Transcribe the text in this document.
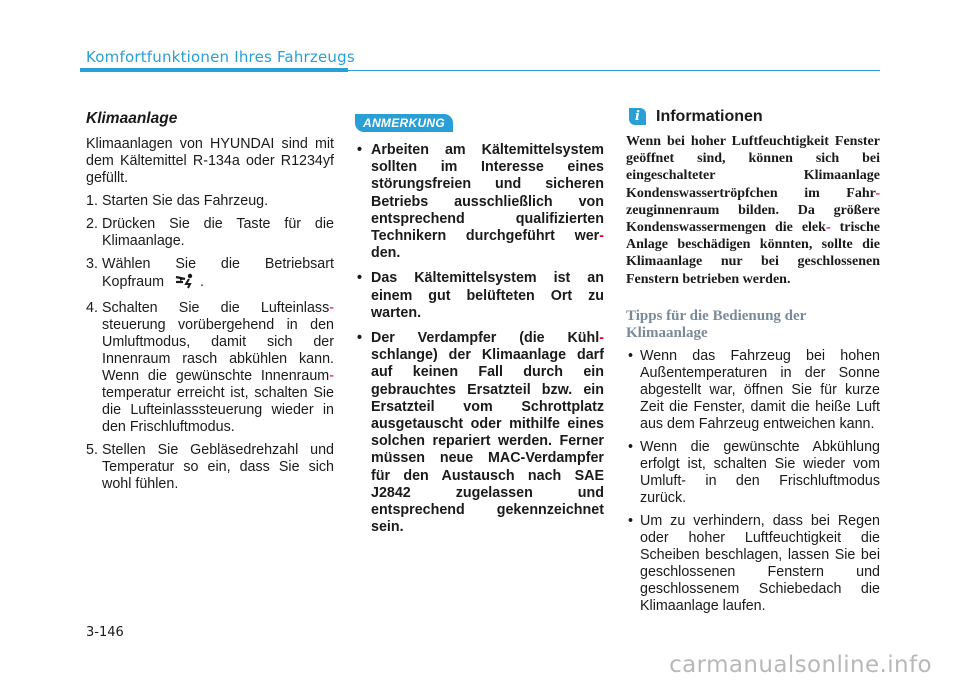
Komfortfunktionen Ihres Fahrzeugs
Klimaanlage

Klimaanlagen von HYUNDAI sind mit dem Kältemittel R-134a oder R1234yf gefüllt.

1. Starten Sie das Fahrzeug.
2. Drücken Sie die Taste für die Klimaanlage.
3. Wählen Sie die Betriebsart Kopfraum	.
4. Schalten Sie die Lufteinlass- steuerung vorübergehend in den Umluftmodus, damit sich der Innenraum rasch abkühlen kann. Wenn die gewünschte Innenraum- temperatur erreicht ist, schalten Sie die Lufteinlasssteuerung wieder in den Frischluftmodus.
5. Stellen Sie Gebläsedrehzahl und Temperatur so ein, dass Sie sich wohl fühlen.
ANMERKUNG
• Arbeiten am Kältemittelsystem sollten im Interesse eines störungsfreien und sicheren Betriebs ausschließlich von entsprechend qualifizierten Technikern durchgeführt wer- den.
• Das Kältemittelsystem ist an einem gut belüfteten Ort zu warten.
• Der Verdampfer (die Kühl- schlange) der Klimaanlage darf auf keinen Fall durch ein gebrauchtes Ersatzteil bzw. ein Ersatzteil vom Schrottplatz ausgetauscht oder mithilfe eines solchen repariert werden. Ferner müssen neue MAC-Verdampfer für den Austausch nach SAE J2842 zugelassen und entsprechend gekennzeichnet sein.
i	Informationen

Wenn bei hoher Luftfeuchtigkeit Fenster geöffnet sind, können sich bei eingeschalteter Klimaanlage Kondenswassertröpfchen im Fahr- zeuginnenraum bilden. Da größere Kondenswassermengen die elek- trische Anlage beschädigen könnten, sollte die Klimaanlage nur bei geschlossenen Fenstern betrieben werden.

Tipps für die Bedienung der Klimaanlage
• Wenn das Fahrzeug bei hohen Außentemperaturen in der Sonne abgestellt war, öffnen Sie für kurze Zeit die Fenster, damit die heiße Luft aus dem Fahrzeug entweichen kann.
• Wenn die gewünschte Abkühlung erfolgt ist, schalten Sie wieder vom Umluft- in den Frischluftmodus zurück.
• Um zu verhindern, dass bei Regen oder hoher Luftfeuchtigkeit die Scheiben beschlagen, lassen Sie bei geschlossenen Fenstern und geschlossenem Schiebedach die Klimaanlage laufen.
3-146
carmanualsonline.info
